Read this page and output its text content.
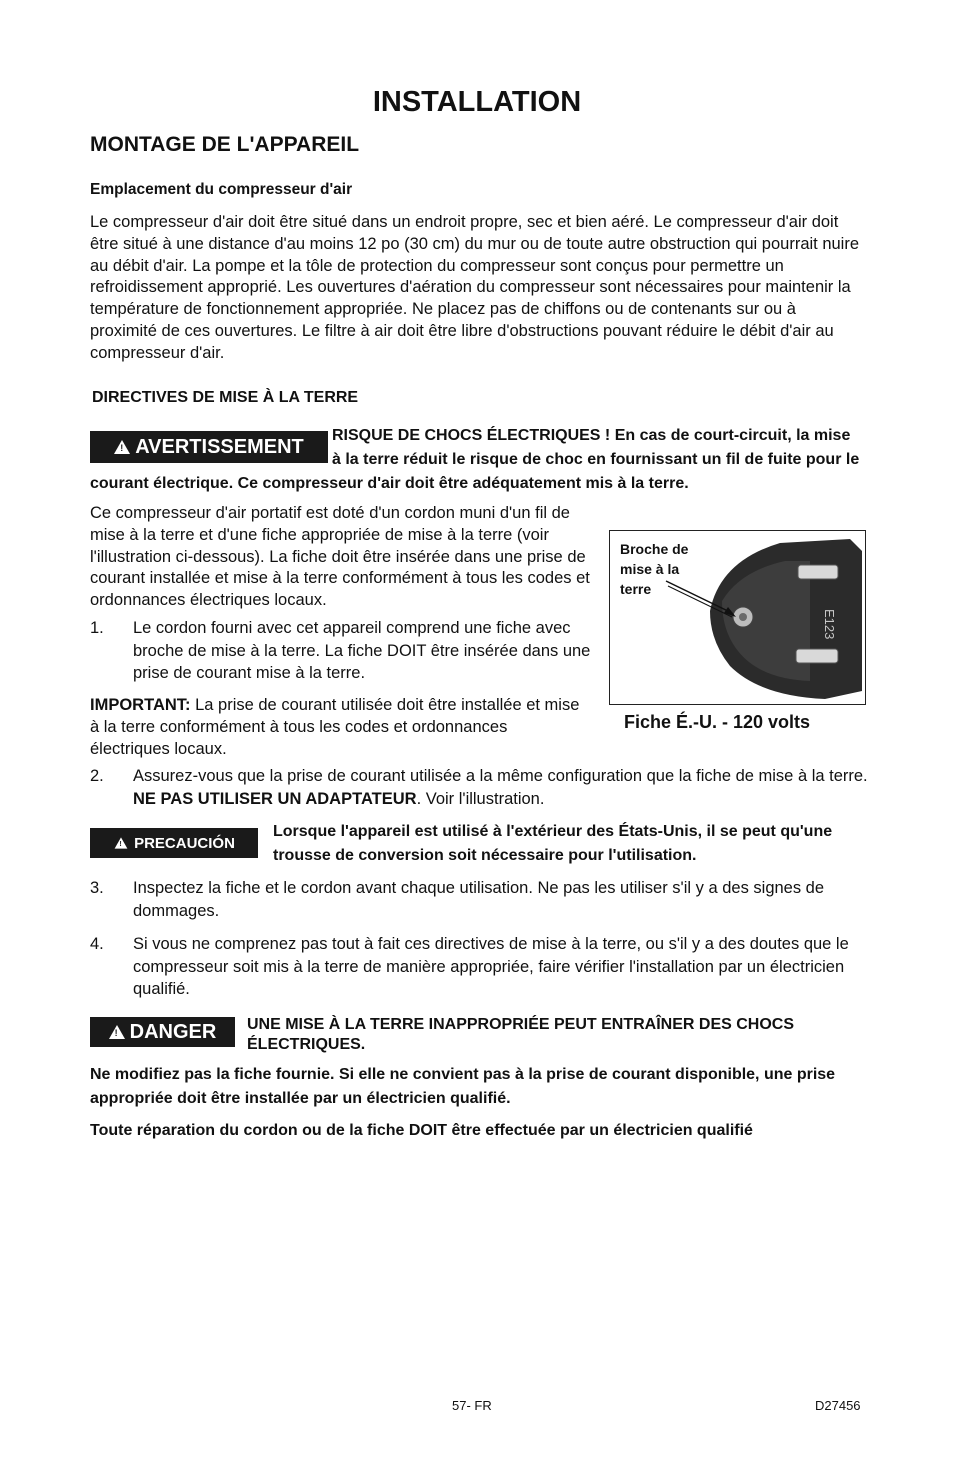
INSTALLATION
MONTAGE DE L'APPAREIL
Emplacement du compresseur d'air
Le compresseur d'air doit être situé dans un endroit propre, sec et bien aéré. Le compresseur d'air doit être situé à une distance d'au moins 12 po (30 cm) du mur ou de toute autre obstruction qui pourrait nuire au débit d'air. La pompe et la tôle de protection du compresseur sont conçus pour permettre un refroidissement approprié. Les ouvertures d'aération du compresseur sont nécessaires pour maintenir la température de fonctionnement appropriée. Ne placez pas de chiffons ou de contenants sur ou à proximité de ces ouvertures. Le filtre à air doit être libre d'obstructions pouvant réduire le débit d'air au compresseur d'air.
DIRECTIVES DE MISE À LA TERRE
!
AVERTISSEMENT	RISQUE DE CHOCS ÉLECTRIQUES ! En cas de court-circuit, la mise à la terre réduit le risque de choc en fournissant un fil de fuite pour le courant électrique. Ce compresseur d'air doit être adéquatement mis à la terre.
Ce compresseur d'air portatif est doté d'un cordon muni d'un fil de mise à la terre et d'une fiche appropriée de mise à la terre (voir l'illustration ci-dessous). La fiche doit être insérée dans une prise de courant installée et mise à la terre conformément à tous les codes et ordonnances électriques locaux.
1. Le cordon fourni avec cet appareil comprend une fiche avec broche de mise à la terre. La fiche DOIT être insérée dans une prise de courant mise à la terre.
IMPORTANT: La prise de courant utilisée doit être installée et mise à la terre conformément à tous les codes et ordonnances électriques locaux.
Broche de
mise à la
terre
E123
Fiche É.-U. - 120 volts
2. Assurez-vous que la prise de courant utilisée a la même configuration que la fiche de mise à la terre. NE PAS UTILISER UN ADAPTATEUR. Voir l'illustration.
!
PRECAUCIÓN
Lorsque l'appareil est utilisé à l'extérieur des États-Unis, il se peut qu'une trousse de conversion soit nécessaire pour l'utilisation.
3. Inspectez la fiche et le cordon avant chaque utilisation. Ne pas les utiliser s'il y a des signes de dommages.
4. Si vous ne comprenez pas tout à fait ces directives de mise à la terre, ou s'il y a des doutes que le compresseur soit mis à la terre de manière appropriée, faire vérifier l'installation par un électricien qualifié.
!
DANGER UNE MISE À LA TERRE INAPPROPRIÉE PEUT ENTRAÎNER DES CHOCS ÉLECTRIQUES.
Ne modifiez pas la fiche fournie. Si elle ne convient pas à la prise de courant disponible, une prise appropriée doit être installée par un électricien qualifié.
Toute réparation du cordon ou de la fiche DOIT être effectuée par un électricien qualifié
57- FR	D27456
